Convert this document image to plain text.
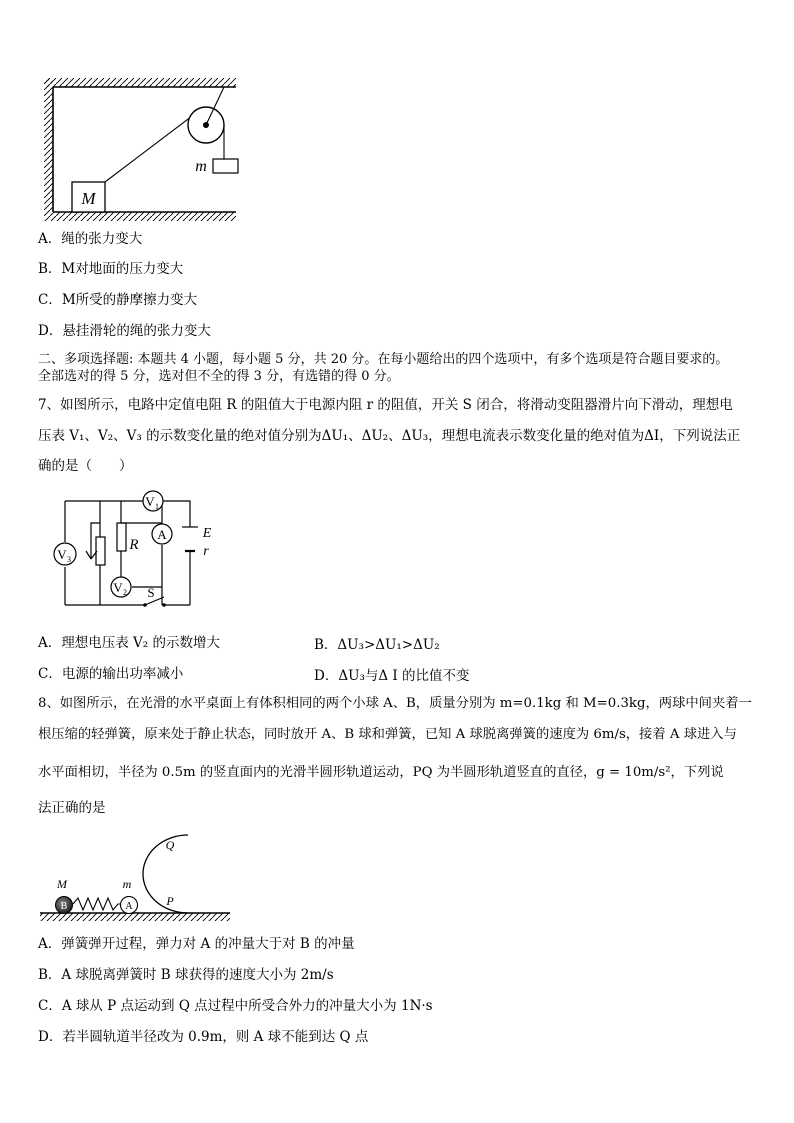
M
m
A．绳的张力变大
B．M对地面的压力变大
C．M所受的静摩擦力变大
D．悬挂滑轮的绳的张力变大
二、多项选择题: 本题共 4 小题，每小题 5 分，共 20 分。在每小题给出的四个选项中，有多个选项是符合题目要求的。
全部选对的得 5 分，选对但不全的得 3 分，有选错的得 0 分。
7、如图所示，电路中定值电阻 R 的阻值大于电源内阻 r 的阻值，开关 S 闭合，将滑动变阻器滑片向下滑动，理想电
压表 V₁、V₂、V₃ 的示数变化量的绝对值分别为ΔU₁、ΔU₂、ΔU₃，理想电流表示数变化量的绝对值为ΔI，下列说法正
确的是（　　）
V 1
A
V 2
V 3
R
E
r
S
A．理想电压表 V₂ 的示数增大	B．ΔU₃>ΔU₁>ΔU₂
C．电源的输出功率减小	D．ΔU₃与Δ I 的比值不变
8、如图所示，在光滑的水平桌面上有体积相同的两个小球 A、B，质量分别为 m=0.1kg 和 M=0.3kg，两球中间夹着一
根压缩的轻弹簧，原来处于静止状态，同时放开 A、B 球和弹簧，已知 A 球脱离弹簧的速度为 6m/s，接着 A 球进入与
水平面相切，半径为 0.5m 的竖直面内的光滑半圆形轨道运动，PQ 为半圆形轨道竖直的直径，g = 10m/s²，下列说
法正确的是
B	A
M	m
Q
P
A．弹簧弹开过程，弹力对 A 的冲量大于对 B 的冲量
B．A 球脱离弹簧时 B 球获得的速度大小为 2m/s
C．A 球从 P 点运动到 Q 点过程中所受合外力的冲量大小为 1N·s
D．若半圆轨道半径改为 0.9m，则 A 球不能到达 Q 点
